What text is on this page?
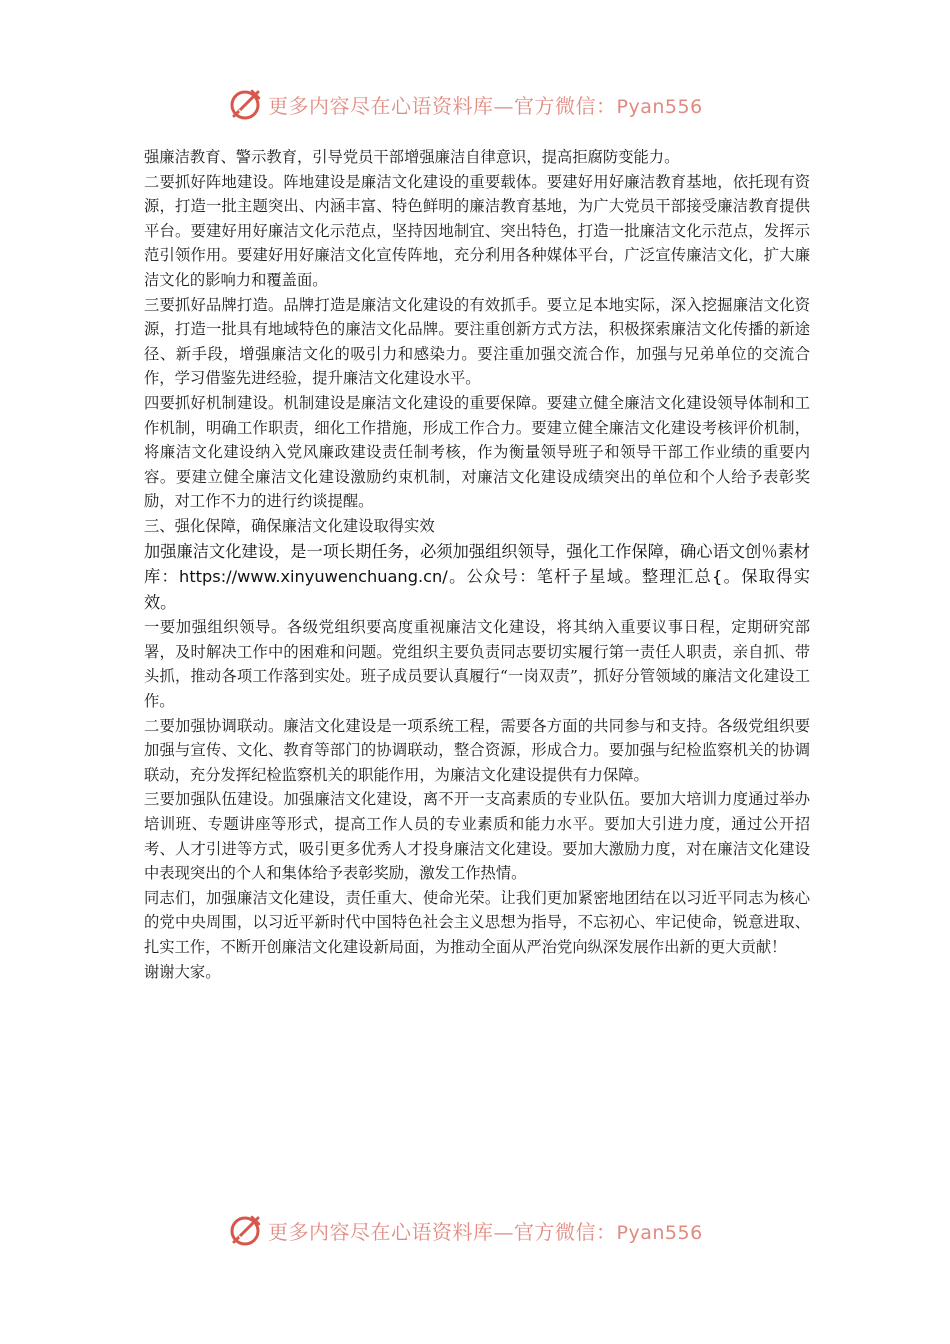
更多内容尽在心语资料库—官方微信：Pyan556

强廉洁教育、警示教育，引导党员干部增强廉洁自律意识，提高拒腐防变能力。

二要抓好阵地建设。阵地建设是廉洁文化建设的重要载体。要建好用好廉洁教育基地，依托现有资源，打造一批主题突出、内涵丰富、特色鲜明的廉洁教育基地，为广大党员干部接受廉洁教育提供平台。要建好用好廉洁文化示范点，坚持因地制宜、突出特色，打造一批廉洁文化示范点，发挥示范引领作用。要建好用好廉洁文化宣传阵地，充分利用各种媒体平台，广泛宣传廉洁文化，扩大廉洁文化的影响力和覆盖面。

三要抓好品牌打造。品牌打造是廉洁文化建设的有效抓手。要立足本地实际，深入挖掘廉洁文化资源，打造一批具有地域特色的廉洁文化品牌。要注重创新方式方法，积极探索廉洁文化传播的新途径、新手段，增强廉洁文化的吸引力和感染力。要注重加强交流合作，加强与兄弟单位的交流合作，学习借鉴先进经验，提升廉洁文化建设水平。

四要抓好机制建设。机制建设是廉洁文化建设的重要保障。要建立健全廉洁文化建设领导体制和工作机制，明确工作职责，细化工作措施，形成工作合力。要建立健全廉洁文化建设考核评价机制，将廉洁文化建设纳入党风廉政建设责任制考核，作为衡量领导班子和领导干部工作业绩的重要内容。要建立健全廉洁文化建设激励约束机制，对廉洁文化建设成绩突出的单位和个人给予表彰奖励，对工作不力的进行约谈提醒。

三、强化保障，确保廉洁文化建设取得实效

加强廉洁文化建设，是一项长期任务，必须加强组织领导，强化工作保障，确心语文创％素材库：https://www.xinyuwenchuang.cn/。公众号：笔杆子星域。整理汇总{。保取得实效。

一要加强组织领导。各级党组织要高度重视廉洁文化建设，将其纳入重要议事日程，定期研究部署，及时解决工作中的困难和问题。党组织主要负责同志要切实履行第一责任人职责，亲自抓、带头抓，推动各项工作落到实处。班子成员要认真履行“一岗双责”，抓好分管领域的廉洁文化建设工作。

二要加强协调联动。廉洁文化建设是一项系统工程，需要各方面的共同参与和支持。各级党组织要加强与宣传、文化、教育等部门的协调联动，整合资源，形成合力。要加强与纪检监察机关的协调联动，充分发挥纪检监察机关的职能作用，为廉洁文化建设提供有力保障。

三要加强队伍建设。加强廉洁文化建设，离不开一支高素质的专业队伍。要加大培训力度通过举办培训班、专题讲座等形式，提高工作人员的专业素质和能力水平。要加大引进力度，通过公开招考、人才引进等方式，吸引更多优秀人才投身廉洁文化建设。要加大激励力度，对在廉洁文化建设中表现突出的个人和集体给予表彰奖励，激发工作热情。

同志们，加强廉洁文化建设，责任重大、使命光荣。让我们更加紧密地团结在以习近平同志为核心的党中央周围，以习近平新时代中国特色社会主义思想为指导，不忘初心、牢记使命，锐意进取、扎实工作，不断开创廉洁文化建设新局面，为推动全面从严治党向纵深发展作出新的更大贡献！

谢谢大家。

更多内容尽在心语资料库—官方微信：Pyan556
